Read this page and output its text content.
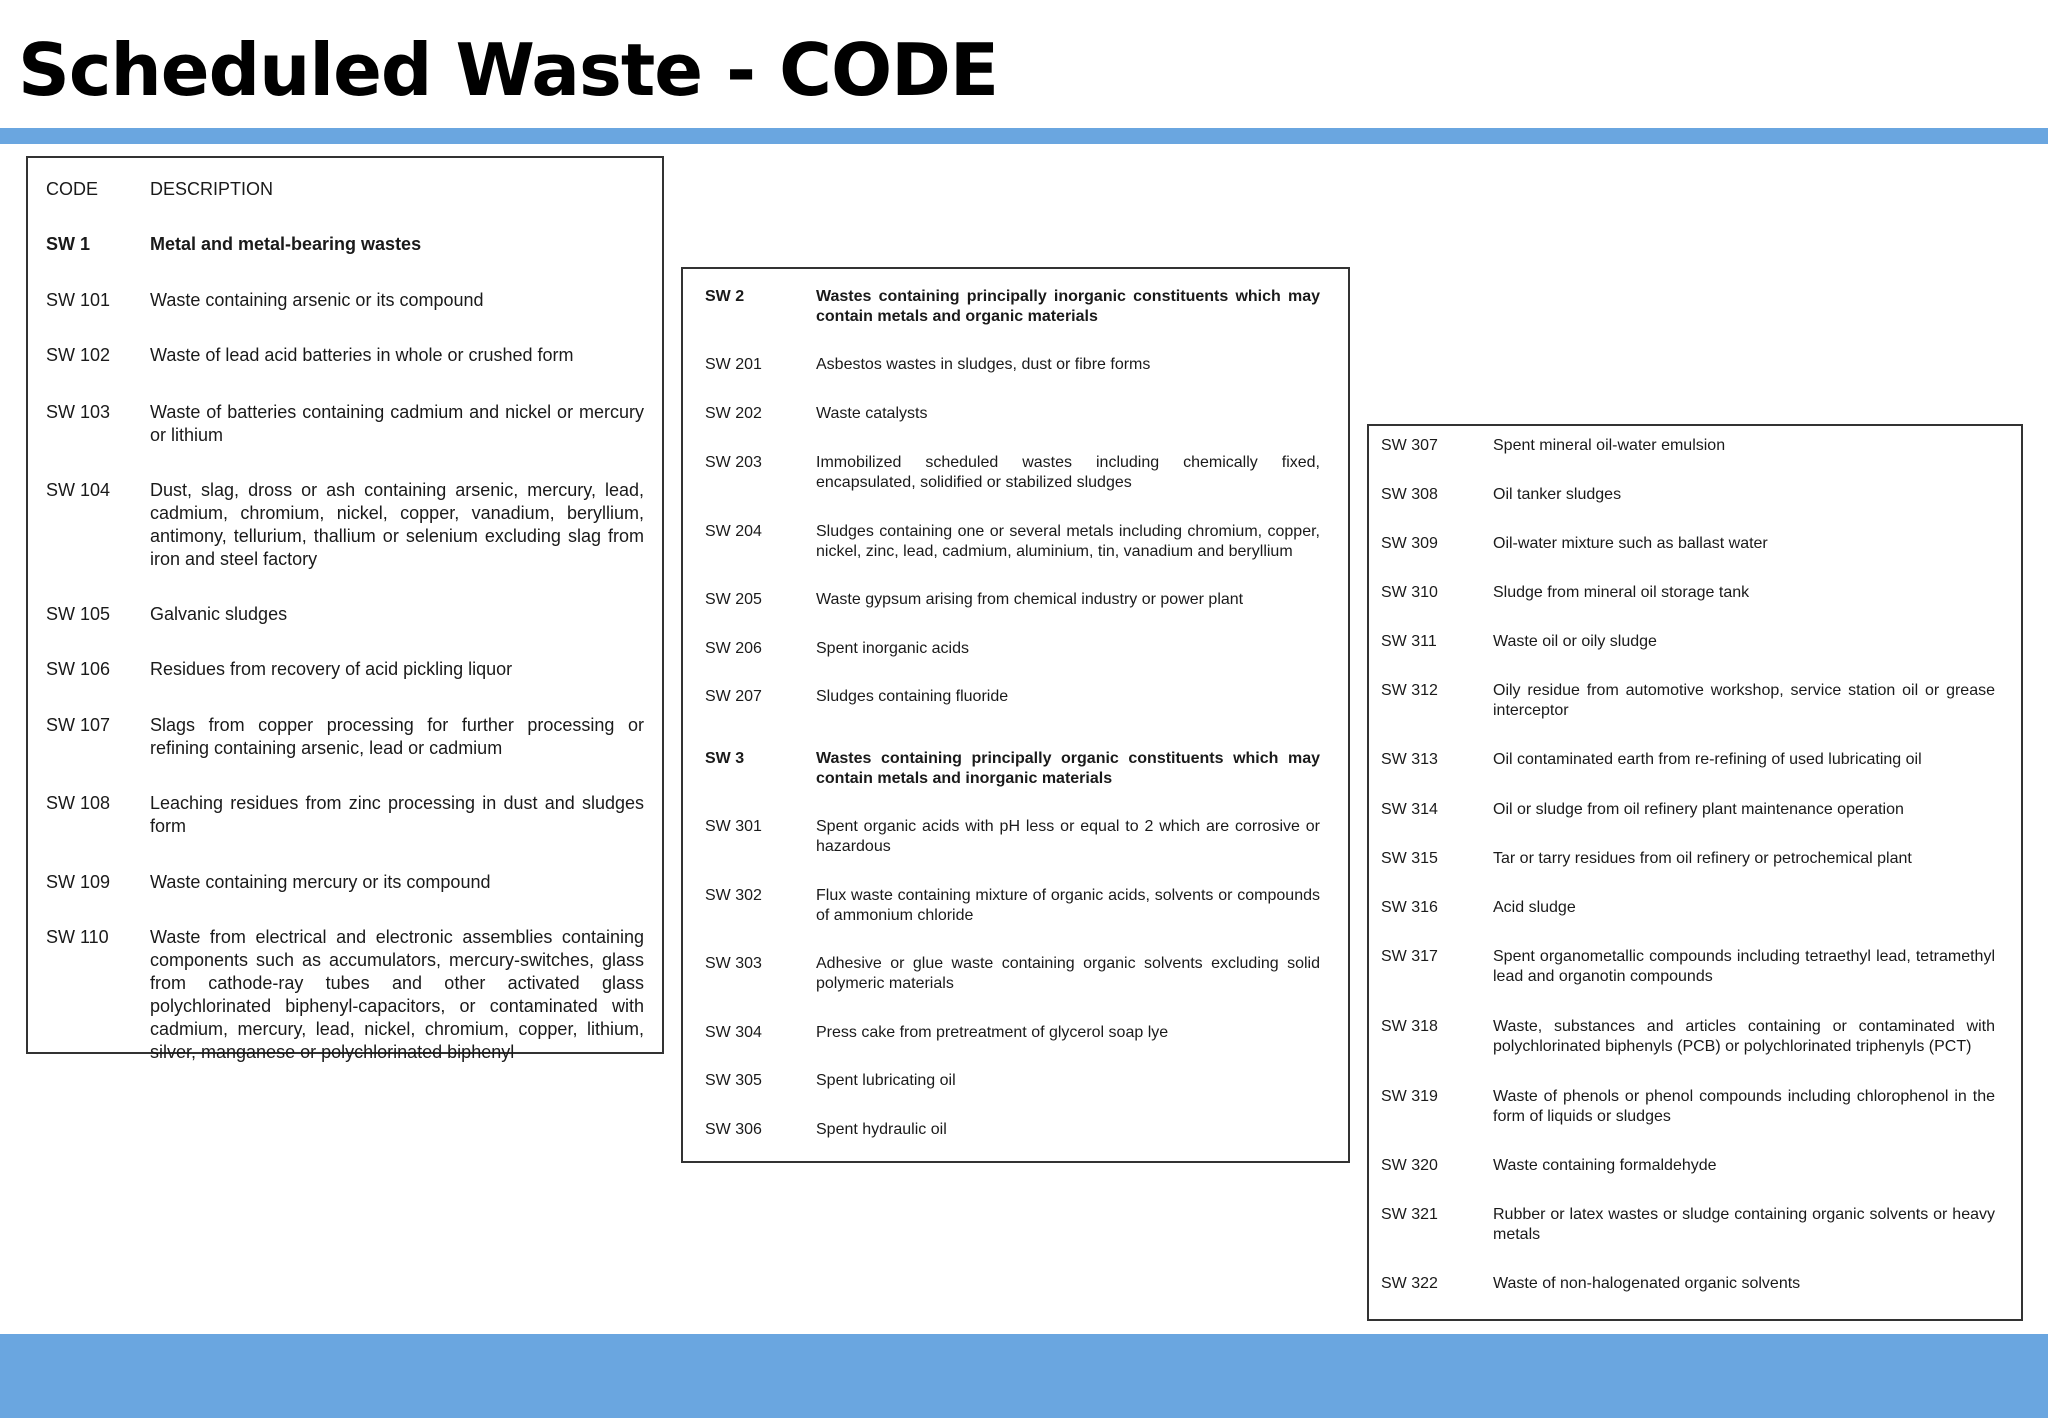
Scheduled Waste - CODE
CODE	DESCRIPTION
SW 1	Metal and metal-bearing wastes
SW 101	Waste containing arsenic or its compound
SW 102	Waste of lead acid batteries in whole or crushed form
SW 103	Waste of batteries containing cadmium and nickel or mercury or lithium
SW 104	Dust, slag, dross or ash containing arsenic, mercury, lead, cadmium, chromium, nickel, copper, vanadium, beryllium, antimony, tellurium, thallium or selenium excluding slag from iron and steel factory
SW 105	Galvanic sludges
SW 106	Residues from recovery of acid pickling liquor
SW 107	Slags from copper processing for further processing or refining containing arsenic, lead or cadmium
SW 108	Leaching residues from zinc processing in dust and sludges form
SW 109	Waste containing mercury or its compound
SW 110	Waste from electrical and electronic assemblies containing components such as accumulators, mercury-switches, glass from cathode-ray tubes and other activated glass polychlorinated biphenyl-capacitors, or contaminated with cadmium, mercury, lead, nickel, chromium, copper, lithium, silver, manganese or polychlorinated biphenyl
SW 2	Wastes containing principally inorganic constituents which may contain metals and organic materials
SW 201	Asbestos wastes in sludges, dust or fibre forms
SW 202	Waste catalysts
SW 203	Immobilized scheduled wastes including chemically fixed, encapsulated, solidified or stabilized sludges
SW 204	Sludges containing one or several metals including chromium, copper, nickel, zinc, lead, cadmium, aluminium, tin, vanadium and beryllium
SW 205	Waste gypsum arising from chemical industry or power plant
SW 206	Spent inorganic acids
SW 207	Sludges containing fluoride
SW 3	Wastes containing principally organic constituents which may contain metals and inorganic materials
SW 301	Spent organic acids with pH less or equal to 2 which are corrosive or hazardous
SW 302	Flux waste containing mixture of organic acids, solvents or compounds of ammonium chloride
SW 303	Adhesive or glue waste containing organic solvents excluding solid polymeric materials
SW 304	Press cake from pretreatment of glycerol soap lye
SW 305	Spent lubricating oil
SW 306	Spent hydraulic oil
SW 307	Spent mineral oil-water emulsion
SW 308	Oil tanker sludges
SW 309	Oil-water mixture such as ballast water
SW 310	Sludge from mineral oil storage tank
SW 311	Waste oil or oily sludge
SW 312	Oily residue from automotive workshop, service station oil or grease interceptor
SW 313	Oil contaminated earth from re-refining of used lubricating oil
SW 314	Oil or sludge from oil refinery plant maintenance operation
SW 315	Tar or tarry residues from oil refinery or petrochemical plant
SW 316	Acid sludge
SW 317	Spent organometallic compounds including tetraethyl lead, tetramethyl lead and organotin compounds
SW 318	Waste, substances and articles containing or contaminated with polychlorinated biphenyls (PCB) or polychlorinated triphenyls (PCT)
SW 319	Waste of phenols or phenol compounds including chlorophenol in the form of liquids or sludges
SW 320	Waste containing formaldehyde
SW 321	Rubber or latex wastes or sludge containing organic solvents or heavy metals
SW 322	Waste of non-halogenated organic solvents
